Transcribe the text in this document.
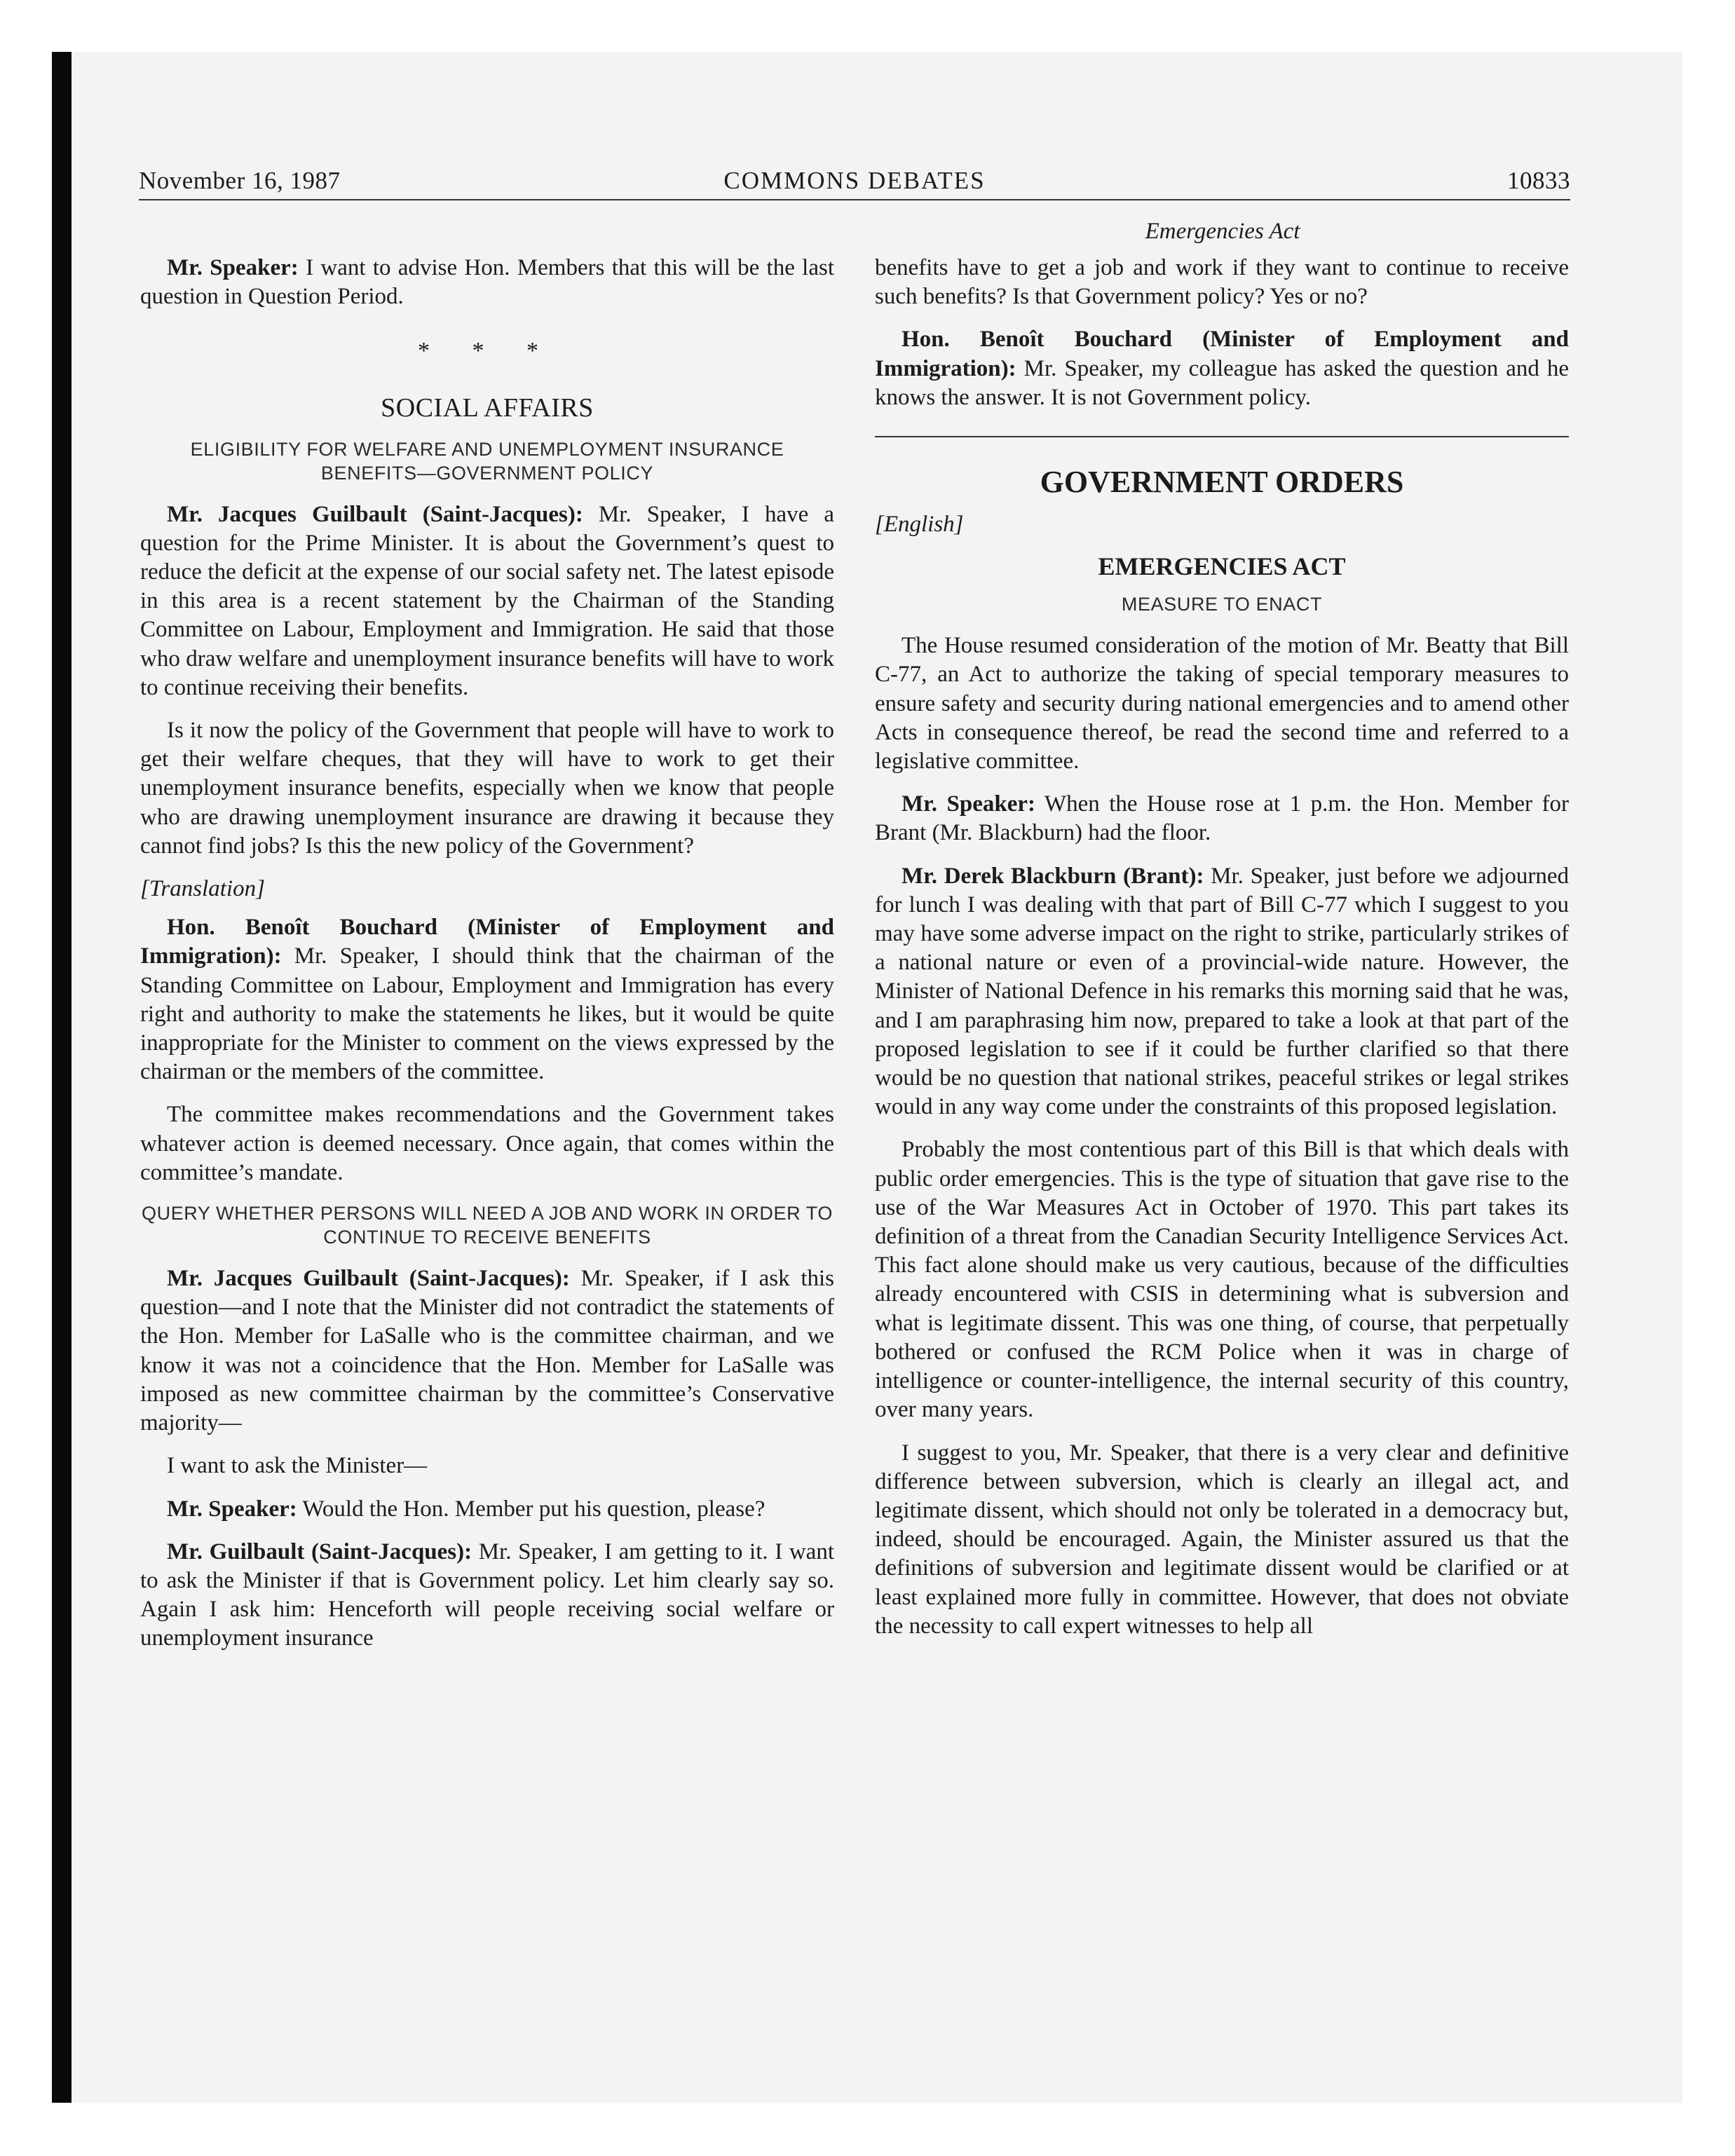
November 16, 1987	COMMONS DEBATES	10833
Emergencies Act

Mr. Speaker: I want to advise Hon. Members that this will be the last question in Question Period.

* * *
SOCIAL AFFAIRS
ELIGIBILITY FOR WELFARE AND UNEMPLOYMENT INSURANCE BENEFITS—GOVERNMENT POLICY

Mr. Jacques Guilbault (Saint-Jacques): Mr. Speaker, I have a question for the Prime Minister. It is about the Government’s quest to reduce the deficit at the expense of our social safety net. The latest episode in this area is a recent statement by the Chairman of the Standing Committee on Labour, Employment and Immigration. He said that those who draw welfare and unemployment insurance benefits will have to work to continue receiving their benefits.

Is it now the policy of the Government that people will have to work to get their welfare cheques, that they will have to work to get their unemployment insurance benefits, especially when we know that people who are drawing unemployment insurance are drawing it because they cannot find jobs? Is this the new policy of the Government?

[Translation]

Hon. Benoît Bouchard (Minister of Employment and Immigration): Mr. Speaker, I should think that the chairman of the Standing Committee on Labour, Employment and Immigration has every right and authority to make the statements he likes, but it would be quite inappropriate for the Minister to comment on the views expressed by the chairman or the members of the committee.

The committee makes recommendations and the Government takes whatever action is deemed necessary. Once again, that comes within the committee’s mandate.

QUERY WHETHER PERSONS WILL NEED A JOB AND WORK IN ORDER TO CONTINUE TO RECEIVE BENEFITS

Mr. Jacques Guilbault (Saint-Jacques): Mr. Speaker, if I ask this question—and I note that the Minister did not contradict the statements of the Hon. Member for LaSalle who is the committee chairman, and we know it was not a coincidence that the Hon. Member for LaSalle was imposed as new committee chairman by the committee’s Conservative majority—

I want to ask the Minister—

Mr. Speaker: Would the Hon. Member put his question, please?

Mr. Guilbault (Saint-Jacques): Mr. Speaker, I am getting to it. I want to ask the Minister if that is Government policy. Let him clearly say so. Again I ask him: Henceforth will people receiving social welfare or unemployment insurance

benefits have to get a job and work if they want to continue to receive such benefits? Is that Government policy? Yes or no?

Hon. Benoît Bouchard (Minister of Employment and Immigration): Mr. Speaker, my colleague has asked the question and he knows the answer. It is not Government policy.

GOVERNMENT ORDERS
[English]
EMERGENCIES ACT
MEASURE TO ENACT

The House resumed consideration of the motion of Mr. Beatty that Bill C-77, an Act to authorize the taking of special temporary measures to ensure safety and security during national emergencies and to amend other Acts in consequence thereof, be read the second time and referred to a legislative committee.

Mr. Speaker: When the House rose at 1 p.m. the Hon. Member for Brant (Mr. Blackburn) had the floor.

Mr. Derek Blackburn (Brant): Mr. Speaker, just before we adjourned for lunch I was dealing with that part of Bill C-77 which I suggest to you may have some adverse impact on the right to strike, particularly strikes of a national nature or even of a provincial-wide nature. However, the Minister of National Defence in his remarks this morning said that he was, and I am paraphrasing him now, prepared to take a look at that part of the proposed legislation to see if it could be further clarified so that there would be no question that national strikes, peaceful strikes or legal strikes would in any way come under the constraints of this proposed legislation.

Probably the most contentious part of this Bill is that which deals with public order emergencies. This is the type of situation that gave rise to the use of the War Measures Act in October of 1970. This part takes its definition of a threat from the Canadian Security Intelligence Services Act. This fact alone should make us very cautious, because of the difficulties already encountered with CSIS in determining what is subversion and what is legitimate dissent. This was one thing, of course, that perpetually bothered or confused the RCM Police when it was in charge of intelligence or counter-intelligence, the internal security of this country, over many years.

I suggest to you, Mr. Speaker, that there is a very clear and definitive difference between subversion, which is clearly an illegal act, and legitimate dissent, which should not only be tolerated in a democracy but, indeed, should be encouraged. Again, the Minister assured us that the definitions of subversion and legitimate dissent would be clarified or at least explained more fully in committee. However, that does not obviate the necessity to call expert witnesses to help all
